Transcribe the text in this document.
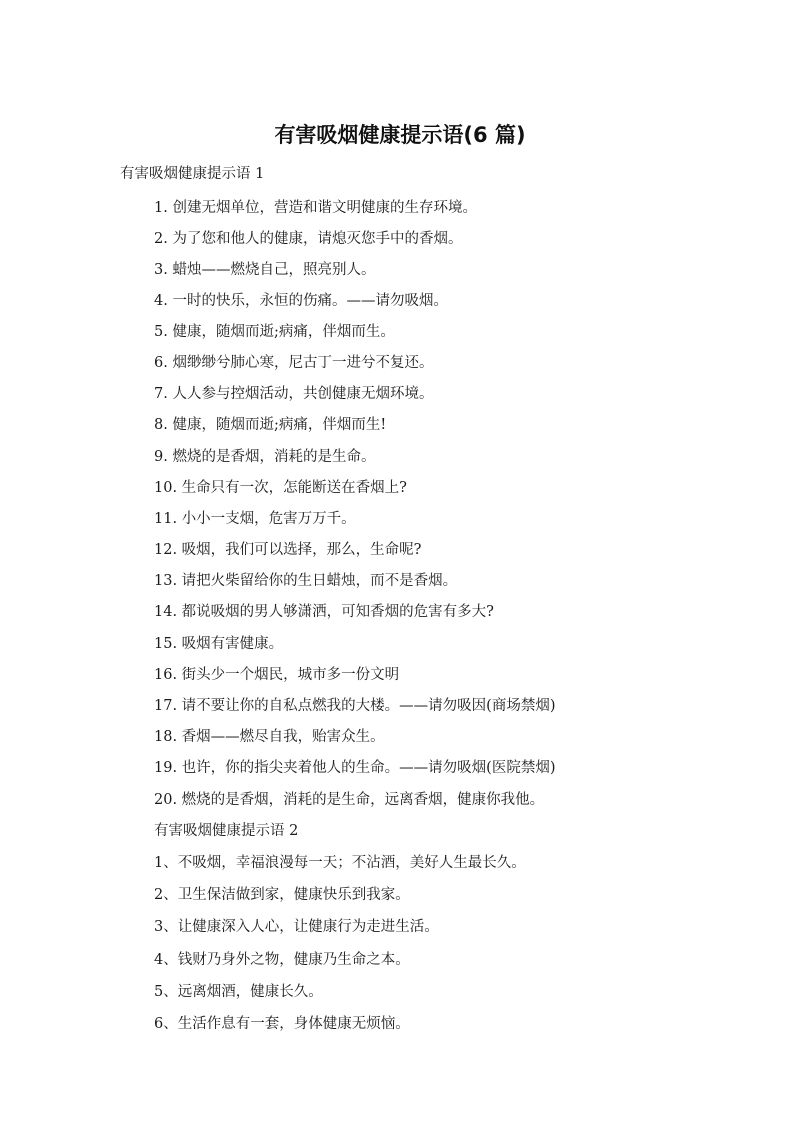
有害吸烟健康提示语(6 篇)
有害吸烟健康提示语 1
1. 创建无烟单位，营造和谐文明健康的生存环境。
2. 为了您和他人的健康，请熄灭您手中的香烟。
3. 蜡烛——燃烧自己，照亮别人。
4. 一时的快乐，永恒的伤痛。——请勿吸烟。
5. 健康，随烟而逝;病痛，伴烟而生。
6. 烟缈缈兮肺心寒，尼古丁一进兮不复还。
7. 人人参与控烟活动，共创健康无烟环境。
8. 健康，随烟而逝;病痛，伴烟而生!
9. 燃烧的是香烟，消耗的是生命。
10. 生命只有一次，怎能断送在香烟上?
11. 小小一支烟，危害万万千。
12. 吸烟，我们可以选择，那么，生命呢?
13. 请把火柴留给你的生日蜡烛，而不是香烟。
14. 都说吸烟的男人够潇洒，可知香烟的危害有多大?
15. 吸烟有害健康。
16. 街头少一个烟民，城市多一份文明
17. 请不要让你的自私点燃我的大楼。——请勿吸因(商场禁烟)
18. 香烟——燃尽自我，贻害众生。
19. 也许，你的指尖夹着他人的生命。——请勿吸烟(医院禁烟)
20. 燃烧的是香烟，消耗的是生命，远离香烟，健康你我他。
有害吸烟健康提示语 2
1、不吸烟，幸福浪漫每一天；不沾酒，美好人生最长久。
2、卫生保洁做到家，健康快乐到我家。
3、让健康深入人心，让健康行为走进生活。
4、钱财乃身外之物，健康乃生命之本。
5、远离烟酒，健康长久。
6、生活作息有一套，身体健康无烦恼。
